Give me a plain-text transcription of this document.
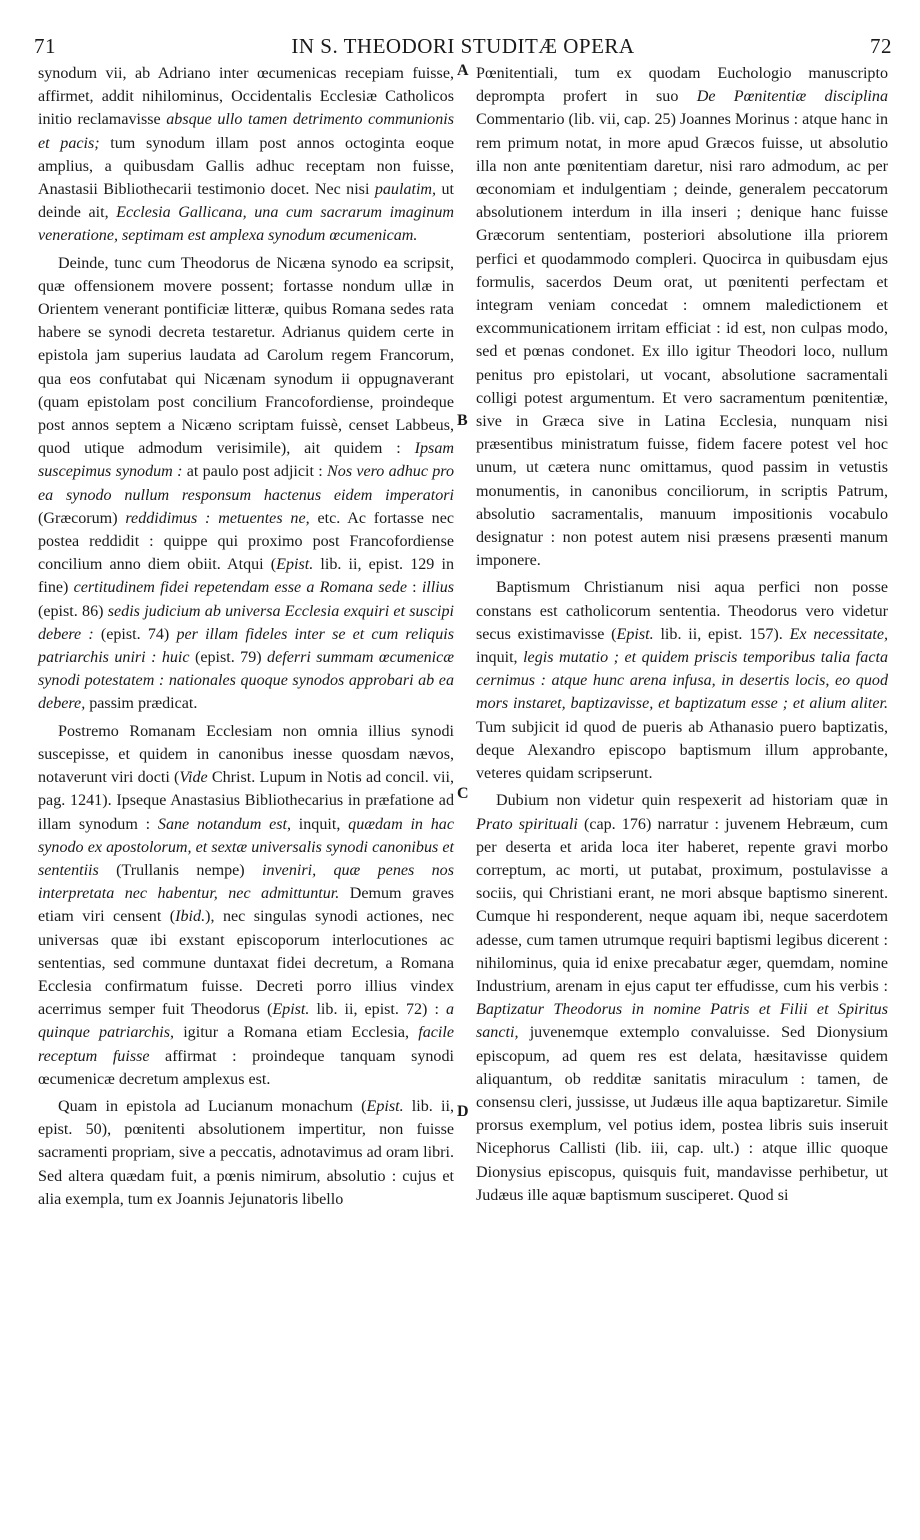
71	IN S. THEODORI STUDITÆ OPERA	72

synodum vii, ab Adriano inter œcumenicas recepiam fuisse, affirmet, addit nihilominus, Occidentalis Ecclesiæ Catholicos initio reclamavisse absque ullo tamen detrimento communionis et pacis; tum synodum illam post annos octoginta eoque amplius, a quibusdam Gallis adhuc receptam non fuisse, Anastasii Bibliothecarii testimonio docet. Nec nisi paulatim, ut deinde ait, Ecclesia Gallicana, una cum sacrarum imaginum veneratione, septimam est amplexa synodum œcumenicam.

Deinde, tunc cum Theodorus de Nicæna synodo ea scripsit, quæ offensionem movere possent; fortasse nondum ullæ in Orientem venerant pontificiæ litteræ, quibus Romana sedes rata habere se synodi decreta testaretur. Adrianus quidem certe in epistola jam superius laudata ad Carolum regem Francorum, qua eos confutabat qui Nicænam synodum ii oppugnaverant (quam epistolam post concilium Francofordiense, proindeque post annos septem a Nicæno scriptam fuissè, censet Labbeus, quod utique admodum verisimile), ait quidem : Ipsam suscepimus synodum : at paulo post adjicit : Nos vero adhuc pro ea synodo nullum responsum hactenus eidem imperatori (Græcorum) reddidimus : metuentes ne, etc. Ac fortasse nec postea reddidit : quippe qui proximo post Francofordiense concilium anno diem obiit. Atqui (Epist. lib. ii, epist. 129 in fine) certitudinem fidei repetendam esse a Romana sede : illius (epist. 86) sedis judicium ab universa Ecclesia exquiri et suscipi debere : (epist. 74) per illam fideles inter se et cum reliquis patriarchis uniri : huic (epist. 79) deferri summam œcumenicæ synodi potestatem : nationales quoque synodos approbari ab ea debere, passim prædicat.

Postremo Romanam Ecclesiam non omnia illius synodi suscepisse, et quidem in canonibus inesse quosdam nævos, notaverunt viri docti (Vide Christ. Lupum in Notis ad concil. vii, pag. 1241). Ipseque Anastasius Bibliothecarius in præfatione ad illam synodum : Sane notandum est, inquit, quædam in hac synodo ex apostolorum, et sextæ universalis synodi canonibus et sententiis (Trullanis nempe) inveniri, quæ penes nos interpretata nec habentur, nec admittuntur. Demum graves etiam viri censent (Ibid.), nec singulas synodi actiones, nec universas quæ ibi exstant episcoporum interlocutiones ac sententias, sed commune duntaxat fidei decretum, a Romana Ecclesia confirmatum fuisse. Decreti porro illius vindex acerrimus semper fuit Theodorus (Epist. lib. ii, epist. 72) : a quinque patriarchis, igitur a Romana etiam Ecclesia, facile receptum fuisse affirmat : proindeque tanquam synodi œcumenicæ decretum amplexus est.

Quam in epistola ad Lucianum monachum (Epist. lib. ii, epist. 50), pœnitenti absolutionem impertitur, non fuisse sacramenti propriam, sive a peccatis, adnotavimus ad oram libri. Sed altera quædam fuit, a pœnis nimirum, absolutio : cujus et alia exempla, tum ex Joannis Jejunatoris libello

Pœnitentiali, tum ex quodam Euchologio manuscripto deprompta profert in suo De Pœnitentiæ disciplina Commentario (lib. vii, cap. 25) Joannes Morinus : atque hanc in rem primum notat, in more apud Græcos fuisse, ut absolutio illa non ante pœnitentiam daretur, nisi raro admodum, ac per œconomiam et indulgentiam ; deinde, generalem peccatorum absolutionem interdum in illa inseri ; denique hanc fuisse Græcorum sententiam, posteriori absolutione illa priorem perfici et quodammodo compleri. Quocirca in quibusdam ejus formulis, sacerdos Deum orat, ut pœnitenti perfectam et integram veniam concedat : omnem maledictionem et excommunicationem irritam efficiat : id est, non culpas modo, sed et pœnas condonet. Ex illo igitur Theodori loco, nullum penitus pro epistolari, ut vocant, absolutione sacramentali colligi potest argumentum. Et vero sacramentum pœnitentiæ, sive in Græca sive in Latina Ecclesia, nunquam nisi præsentibus ministratum fuisse, fidem facere potest vel hoc unum, ut cætera nunc omittamus, quod passim in vetustis monumentis, in canonibus conciliorum, in scriptis Patrum, absolutio sacramentalis, manuum impositionis vocabulo designatur : non potest autem nisi præsens præsenti manum imponere.

Baptismum Christianum nisi aqua perfici non posse constans est catholicorum sententia. Theodorus vero videtur secus existimavisse (Epist. lib. ii, epist. 157). Ex necessitate, inquit, legis mutatio ; et quidem priscis temporibus talia facta cernimus : atque hunc arena infusa, in desertis locis, eo quod mors instaret, baptizavisse, et baptizatum esse ; et alium aliter. Tum subjicit id quod de pueris ab Athanasio puero baptizatis, deque Alexandro episcopo baptismum illum approbante, veteres quidam scripserunt.

Dubium non videtur quin respexerit ad historiam quæ in Prato spirituali (cap. 176) narratur : juvenem Hebræum, cum per deserta et arida loca iter haberet, repente gravi morbo correptum, ac morti, ut putabat, proximum, postulavisse a sociis, qui Christiani erant, ne mori absque baptismo sinerent. Cumque hi responderent, neque aquam ibi, neque sacerdotem adesse, cum tamen utrumque requiri baptismi legibus dicerent : nihilominus, quia id enixe precabatur æger, quemdam, nomine Industrium, arenam in ejus caput ter effudisse, cum his verbis : Baptizatur Theodorus in nomine Patris et Filii et Spiritus sancti, juvenemque extemplo convaluisse. Sed Dionysium episcopum, ad quem res est delata, hæsitavisse quidem aliquantum, ob redditæ sanitatis miraculum : tamen, de consensu cleri, jussisse, ut Judæus ille aqua baptizaretur. Simile prorsus exemplum, vel potius idem, postea libris suis inseruit Nicephorus Callisti (lib. iii, cap. ult.) : atque illic quoque Dionysius episcopus, quisquis fuit, mandavisse perhibetur, ut Judæus ille aquæ baptismum susciperet. Quod si

A
B
C
D
